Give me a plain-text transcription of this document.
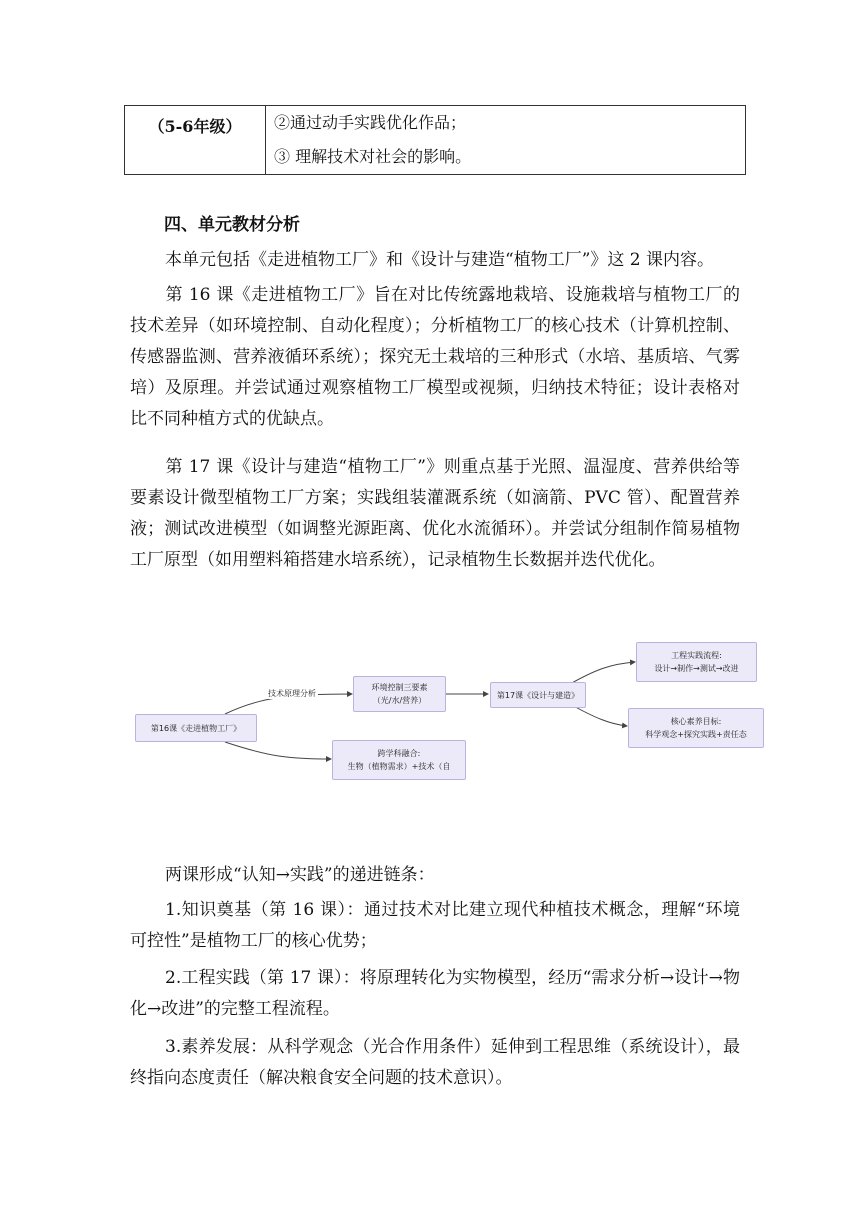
（5-6年级）	②通过动手实践优化作品；
③ 理解技术对社会的影响。
四、单元教材分析
本单元包括《走进植物工厂》和《设计与建造“植物工厂”》这 2 课内容。
第 16 课《走进植物工厂》旨在对比传统露地栽培、设施栽培与植物工厂的技术差异（如环境控制、自动化程度）；分析植物工厂的核心技术（计算机控制、传感器监测、营养液循环系统）；探究无土栽培的三种形式（水培、基质培、气雾培）及原理。并尝试通过观察植物工厂模型或视频，归纳技术特征；设计表格对比不同种植方式的优缺点。
第 17 课《设计与建造“植物工厂”》则重点基于光照、温湿度、营养供给等要素设计微型植物工厂方案；实践组装灌溉系统（如滴箭、PVC 管）、配置营养液；测试改进模型（如调整光源距离、优化水流循环）。并尝试分组制作简易植物工厂原型（如用塑料箱搭建水培系统），记录植物生长数据并迭代优化。
第16课《走进植物工厂》
技术原理分析
环境控制三要素
（光/水/营养）
跨学科融合:
生物（植物需求）+技术（自
第17课《设计与建造》
工程实践流程:
设计→制作→测试→改进
核心素养目标:
科学观念+探究实践+责任态
两课形成“认知→实践”的递进链条：
1.知识奠基（第 16 课）：通过技术对比建立现代种植技术概念，理解“环境可控性”是植物工厂的核心优势；
2.工程实践（第 17 课）：将原理转化为实物模型，经历“需求分析→设计→物化→改进”的完整工程流程。
3.素养发展：从科学观念（光合作用条件）延伸到工程思维（系统设计），最终指向态度责任（解决粮食安全问题的技术意识）。
